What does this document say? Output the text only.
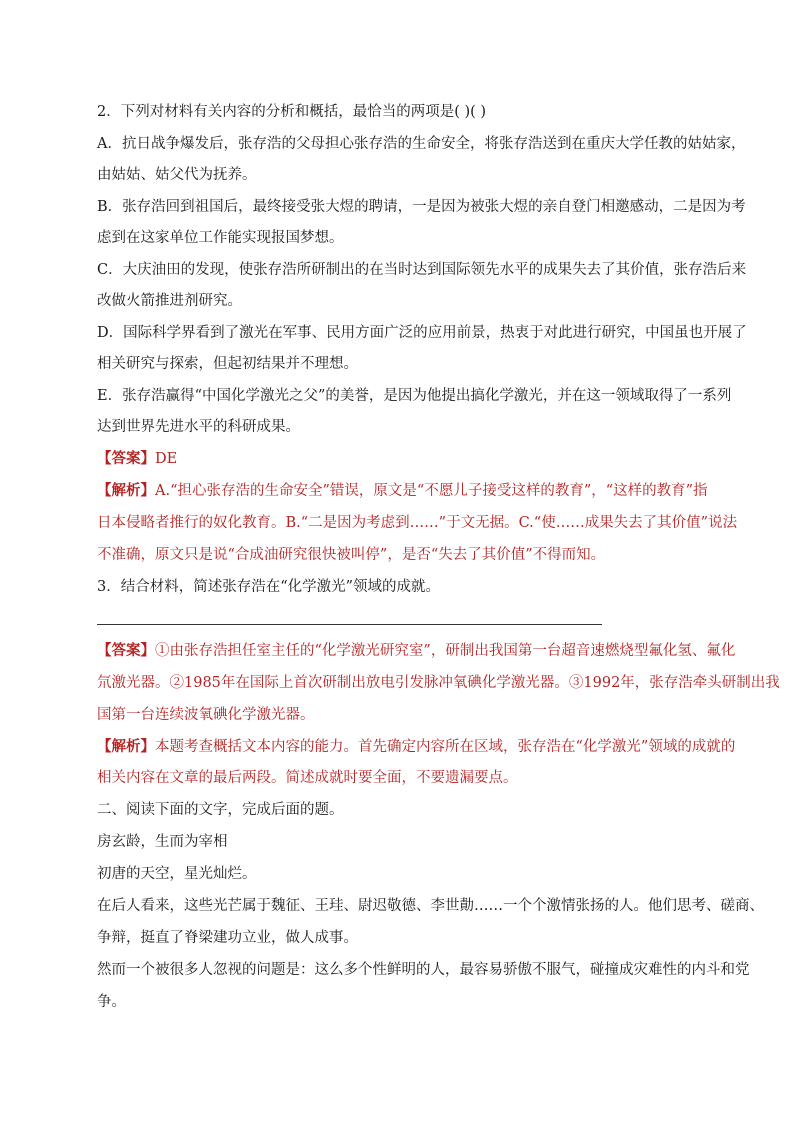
2．下列对材料有关内容的分析和概括，最恰当的两项是( )( )
A．抗日战争爆发后，张存浩的父母担心张存浩的生命安全，将张存浩送到在重庆大学任教的姑姑家，
由姑姑、姑父代为抚养。
B．张存浩回到祖国后，最终接受张大煜的聘请，一是因为被张大煜的亲自登门相邀感动，二是因为考
虑到在这家单位工作能实现报国梦想。
C．大庆油田的发现，使张存浩所研制出的在当时达到国际领先水平的成果失去了其价值，张存浩后来
改做火箭推进剂研究。
D．国际科学界看到了激光在军事、民用方面广泛的应用前景，热衷于对此进行研究，中国虽也开展了
相关研究与探索，但起初结果并不理想。
E．张存浩赢得“中国化学激光之父”的美誉，是因为他提出搞化学激光，并在这一领域取得了一系列
达到世界先进水平的科研成果。
【答案】DE
【解析】A.“担心张存浩的生命安全”错误，原文是“不愿儿子接受这样的教育”，“这样的教育”指
日本侵略者推行的奴化教育。B.“二是因为考虑到……”于文无据。C.“使……成果失去了其价值”说法
不准确，原文只是说“合成油研究很快被叫停”，是否“失去了其价值”不得而知。
3．结合材料，简述张存浩在“化学激光”领域的成就。
【答案】①由张存浩担任室主任的“化学激光研究室”，研制出我国第一台超音速燃烧型氟化氢、氟化
氘激光器。②1985年在国际上首次研制出放电引发脉冲氧碘化学激光器。③1992年，张存浩牵头研制出我
国第一台连续波氧碘化学激光器。
【解析】本题考查概括文本内容的能力。首先确定内容所在区域，张存浩在“化学激光”领域的成就的
相关内容在文章的最后两段。简述成就时要全面，不要遗漏要点。
二、阅读下面的文字，完成后面的题。
房玄龄，生而为宰相
初唐的天空，星光灿烂。
在后人看来，这些光芒属于魏征、王珪、尉迟敬德、李世勣……一个个激情张扬的人。他们思考、磋商、
争辩，挺直了脊梁建功立业，做人成事。
然而一个被很多人忽视的问题是：这么多个性鲜明的人，最容易骄傲不服气，碰撞成灾难性的内斗和党
争。
